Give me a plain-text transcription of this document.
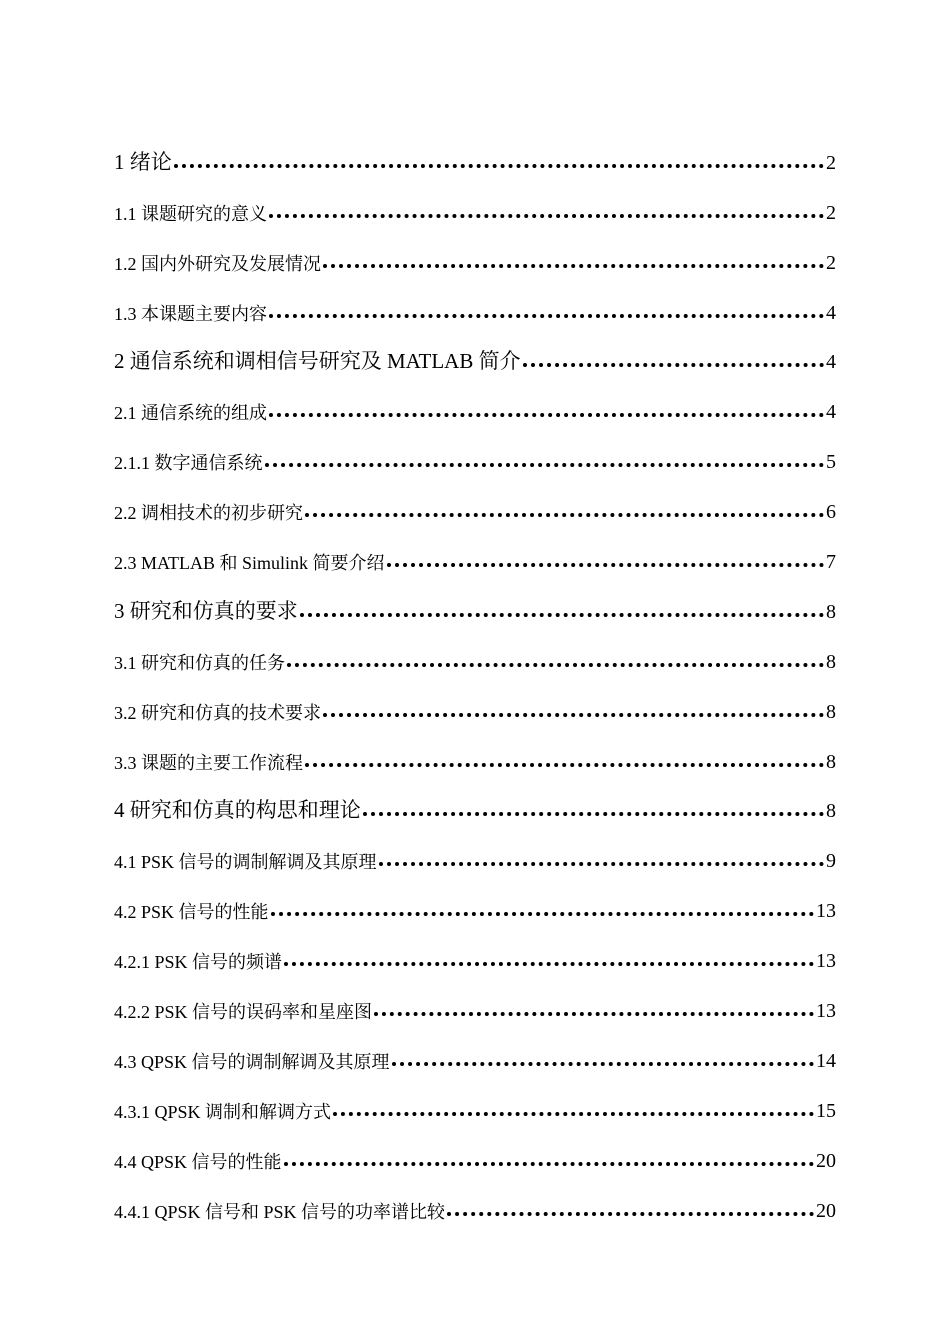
1 绪论	2
1.1 课题研究的意义	2
1.2 国内外研究及发展情况	2
1.3 本课题主要内容	4
2 通信系统和调相信号研究及 MATLAB 简介	4
2.1 通信系统的组成	4
2.1.1 数字通信系统	5
2.2 调相技术的初步研究	6
2.3 MATLAB 和 Simulink 简要介绍	7
3 研究和仿真的要求	8
3.1 研究和仿真的任务	8
3.2 研究和仿真的技术要求	8
3.3 课题的主要工作流程	8
4 研究和仿真的构思和理论	8
4.1 PSK 信号的调制解调及其原理	9
4.2 PSK 信号的性能	13
4.2.1 PSK 信号的频谱	13
4.2.2 PSK 信号的误码率和星座图	13
4.3 QPSK 信号的调制解调及其原理	14
4.3.1 QPSK 调制和解调方式	15
4.4 QPSK 信号的性能	20
4.4.1 QPSK 信号和 PSK 信号的功率谱比较	20
